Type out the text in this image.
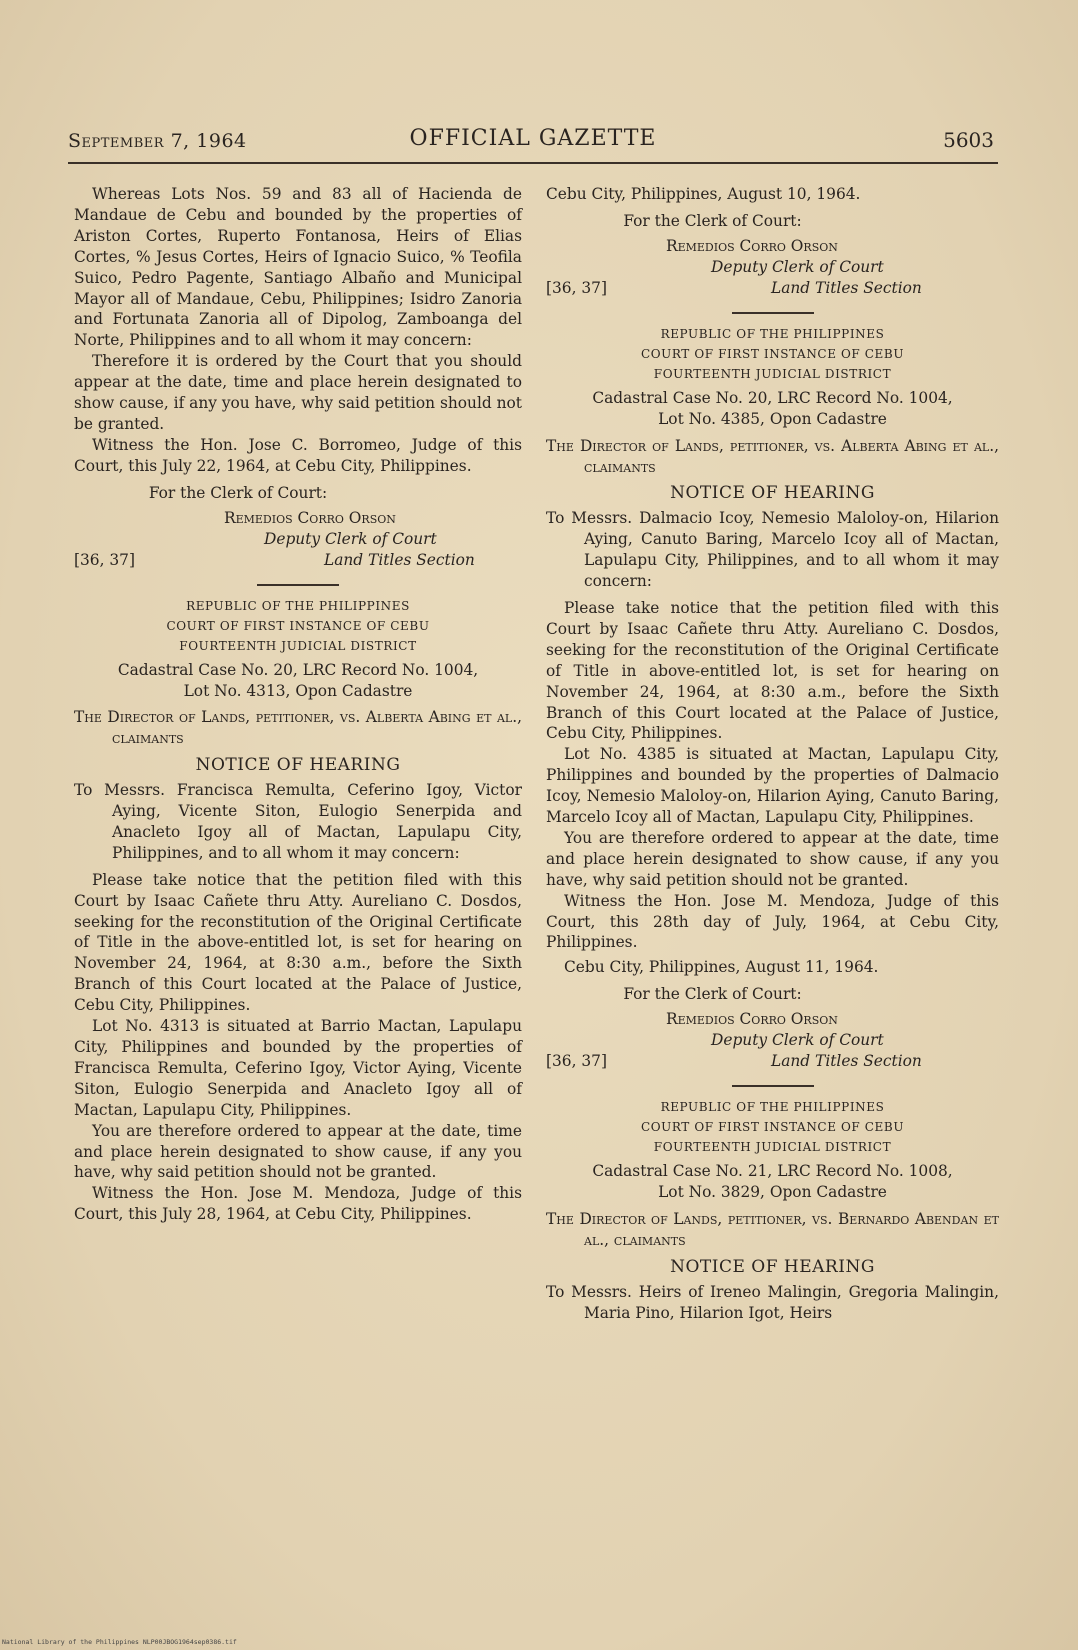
September 7, 1964	OFFICIAL GAZETTE	5603

Whereas Lots Nos. 59 and 83 all of Hacienda de Mandaue de Cebu and bounded by the properties of Ariston Cortes, Ruperto Fontanosa, Heirs of Elias Cortes, % Jesus Cortes, Heirs of Ignacio Suico, % Teofila Suico, Pedro Pagente, Santiago Albaño and Municipal Mayor all of Mandaue, Cebu, Philippines; Isidro Zanoria and Fortunata Zanoria all of Dipolog, Zamboanga del Norte, Philippines and to all whom it may concern:

Therefore it is ordered by the Court that you should appear at the date, time and place herein designated to show cause, if any you have, why said petition should not be granted.

Witness the Hon. Jose C. Borromeo, Judge of this Court, this July 22, 1964, at Cebu City, Philippines.

For the Clerk of Court:

Remedios Corro Orson
Deputy Clerk of Court
[36, 37]	Land Titles Section
REPUBLIC OF THE PHILIPPINES
COURT OF FIRST INSTANCE OF CEBU
FOURTEENTH JUDICIAL DISTRICT
Cadastral Case No. 20, LRC Record No. 1004,
Lot No. 4313, Opon Cadastre

The Director of Lands, petitioner, vs. Alberta Abing et al., claimants

NOTICE OF HEARING

To Messrs. Francisca Remulta, Ceferino Igoy, Victor Aying, Vicente Siton, Eulogio Senerpida and Anacleto Igoy all of Mactan, Lapulapu City, Philippines, and to all whom it may concern:

Please take notice that the petition filed with this Court by Isaac Cañete thru Atty. Aureliano C. Dosdos, seeking for the reconstitution of the Original Certificate of Title in the above-entitled lot, is set for hearing on November 24, 1964, at 8:30 a.m., before the Sixth Branch of this Court located at the Palace of Justice, Cebu City, Philippines.

Lot No. 4313 is situated at Barrio Mactan, Lapulapu City, Philippines and bounded by the properties of Francisca Remulta, Ceferino Igoy, Victor Aying, Vicente Siton, Eulogio Senerpida and Anacleto Igoy all of Mactan, Lapulapu City, Philippines.

You are therefore ordered to appear at the date, time and place herein designated to show cause, if any you have, why said petition should not be granted.

Witness the Hon. Jose M. Mendoza, Judge of this Court, this July 28, 1964, at Cebu City, Philippines.

Cebu City, Philippines, August 10, 1964.

For the Clerk of Court:

Remedios Corro Orson
Deputy Clerk of Court
[36, 37]	Land Titles Section
REPUBLIC OF THE PHILIPPINES
COURT OF FIRST INSTANCE OF CEBU
FOURTEENTH JUDICIAL DISTRICT
Cadastral Case No. 20, LRC Record No. 1004,
Lot No. 4385, Opon Cadastre

The Director of Lands, petitioner, vs. Alberta Abing et al., claimants

NOTICE OF HEARING

To Messrs. Dalmacio Icoy, Nemesio Maloloy-on, Hilarion Aying, Canuto Baring, Marcelo Icoy all of Mactan, Lapulapu City, Philippines, and to all whom it may concern:

Please take notice that the petition filed with this Court by Isaac Cañete thru Atty. Aureliano C. Dosdos, seeking for the reconstitution of the Original Certificate of Title in above-entitled lot, is set for hearing on November 24, 1964, at 8:30 a.m., before the Sixth Branch of this Court located at the Palace of Justice, Cebu City, Philippines.

Lot No. 4385 is situated at Mactan, Lapulapu City, Philippines and bounded by the properties of Dalmacio Icoy, Nemesio Maloloy-on, Hilarion Aying, Canuto Baring, Marcelo Icoy all of Mactan, Lapulapu City, Philippines.

You are therefore ordered to appear at the date, time and place herein designated to show cause, if any you have, why said petition should not be granted.

Witness the Hon. Jose M. Mendoza, Judge of this Court, this 28th day of July, 1964, at Cebu City, Philippines.

Cebu City, Philippines, August 11, 1964.

For the Clerk of Court:

Remedios Corro Orson
Deputy Clerk of Court
[36, 37]	Land Titles Section
REPUBLIC OF THE PHILIPPINES
COURT OF FIRST INSTANCE OF CEBU
FOURTEENTH JUDICIAL DISTRICT
Cadastral Case No. 21, LRC Record No. 1008,
Lot No. 3829, Opon Cadastre

The Director of Lands, petitioner, vs. Bernardo Abendan et al., claimants

NOTICE OF HEARING

To Messrs. Heirs of Ireneo Malingin, Gregoria Malingin, Maria Pino, Hilarion Igot, Heirs

National Library of the Philippines NLP00JBOG1964sep0386.tif
